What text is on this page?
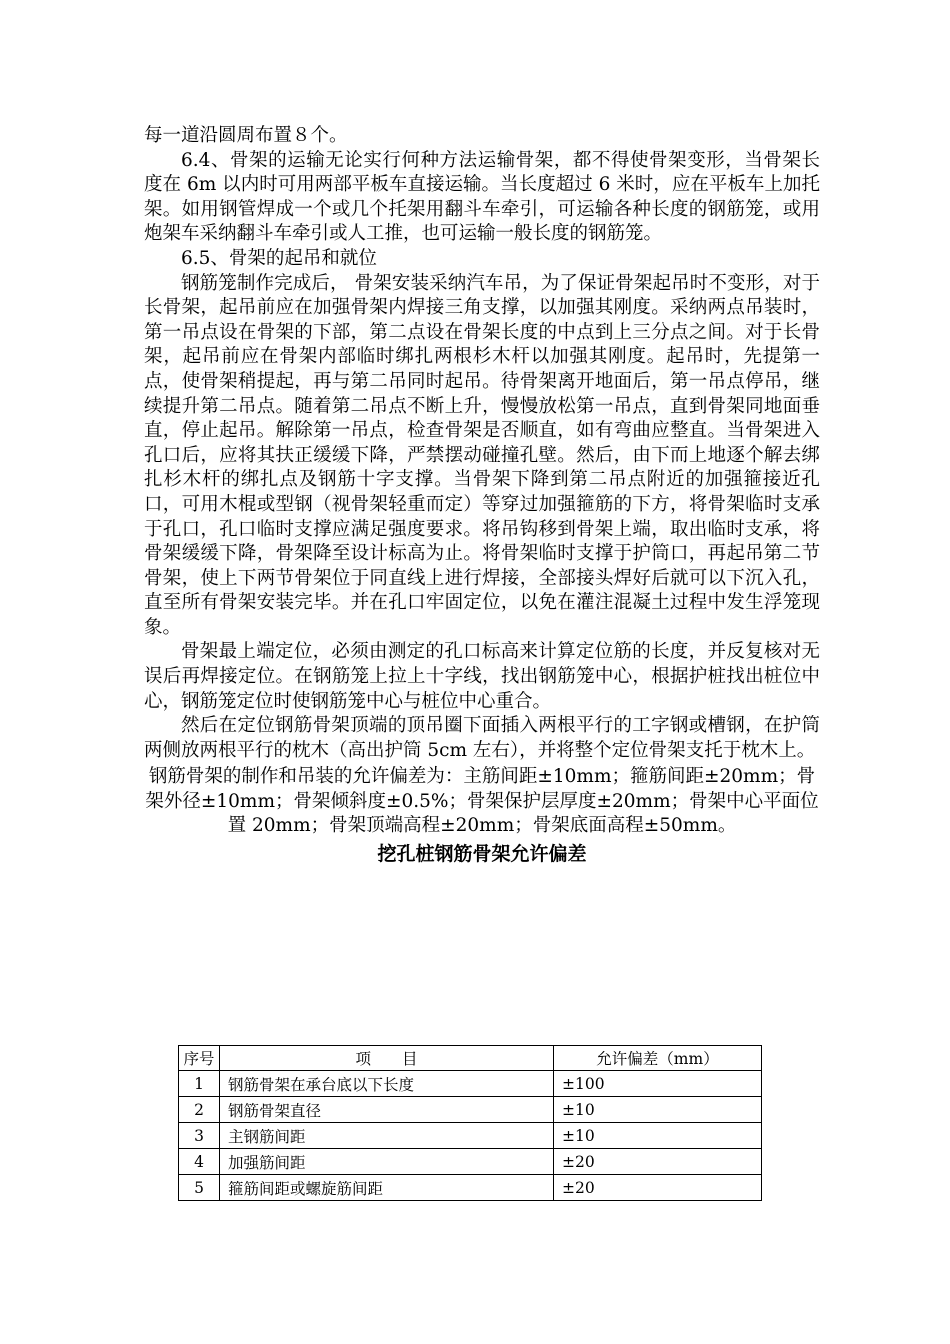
每一道沿圆周布置８个。

6.4、骨架的运输无论实行何种方法运输骨架，都不得使骨架变形，当骨架长度在 6m 以内时可用两部平板车直接运输。当长度超过 6 米时，应在平板车上加托架。如用钢管焊成一个或几个托架用翻斗车牵引，可运输各种长度的钢筋笼，或用炮架车采纳翻斗车牵引或人工推，也可运输一般长度的钢筋笼。

6.5、骨架的起吊和就位

钢筋笼制作完成后， 骨架安装采纳汽车吊，为了保证骨架起吊时不变形，对于长骨架，起吊前应在加强骨架内焊接三角支撑，以加强其刚度。采纳两点吊装时，第一吊点设在骨架的下部，第二点设在骨架长度的中点到上三分点之间。对于长骨架，起吊前应在骨架内部临时绑扎两根杉木杆以加强其刚度。起吊时，先提第一点，使骨架稍提起，再与第二吊同时起吊。待骨架离开地面后，第一吊点停吊，继续提升第二吊点。随着第二吊点不断上升，慢慢放松第一吊点，直到骨架同地面垂直，停止起吊。解除第一吊点，检查骨架是否顺直，如有弯曲应整直。当骨架进入孔口后，应将其扶正缓缓下降，严禁摆动碰撞孔壁。然后，由下而上地逐个解去绑扎杉木杆的绑扎点及钢筋十字支撑。当骨架下降到第二吊点附近的加强箍接近孔口，可用木棍或型钢（视骨架轻重而定）等穿过加强箍筋的下方，将骨架临时支承于孔口，孔口临时支撑应满足强度要求。将吊钩移到骨架上端，取出临时支承，将骨架缓缓下降，骨架降至设计标高为止。将骨架临时支撑于护筒口，再起吊第二节骨架，使上下两节骨架位于同直线上进行焊接，全部接头焊好后就可以下沉入孔，直至所有骨架安装完毕。并在孔口牢固定位，以免在灌注混凝土过程中发生浮笼现象。

骨架最上端定位，必须由测定的孔口标高来计算定位筋的长度，并反复核对无误后再焊接定位。在钢筋笼上拉上十字线，找出钢筋笼中心，根据护桩找出桩位中心，钢筋笼定位时使钢筋笼中心与桩位中心重合。

然后在定位钢筋骨架顶端的顶吊圈下面插入两根平行的工字钢或槽钢，在护筒两侧放两根平行的枕木（高出护筒 5cm 左右），并将整个定位骨架支托于枕木上。

钢筋骨架的制作和吊装的允许偏差为：主筋间距±10mm；箍筋间距±20mm；骨架外径±10mm；骨架倾斜度±0.5%；骨架保护层厚度±20mm；骨架中心平面位置 20mm；骨架顶端高程±20mm；骨架底面高程±50mm。

挖孔桩钢筋骨架允许偏差
序号	项　　目	允许偏差（mm）
1	钢筋骨架在承台底以下长度	±100
2	钢筋骨架直径	±10
3	主钢筋间距	±10
4	加强筋间距	±20
5	箍筋间距或螺旋筋间距	±20
